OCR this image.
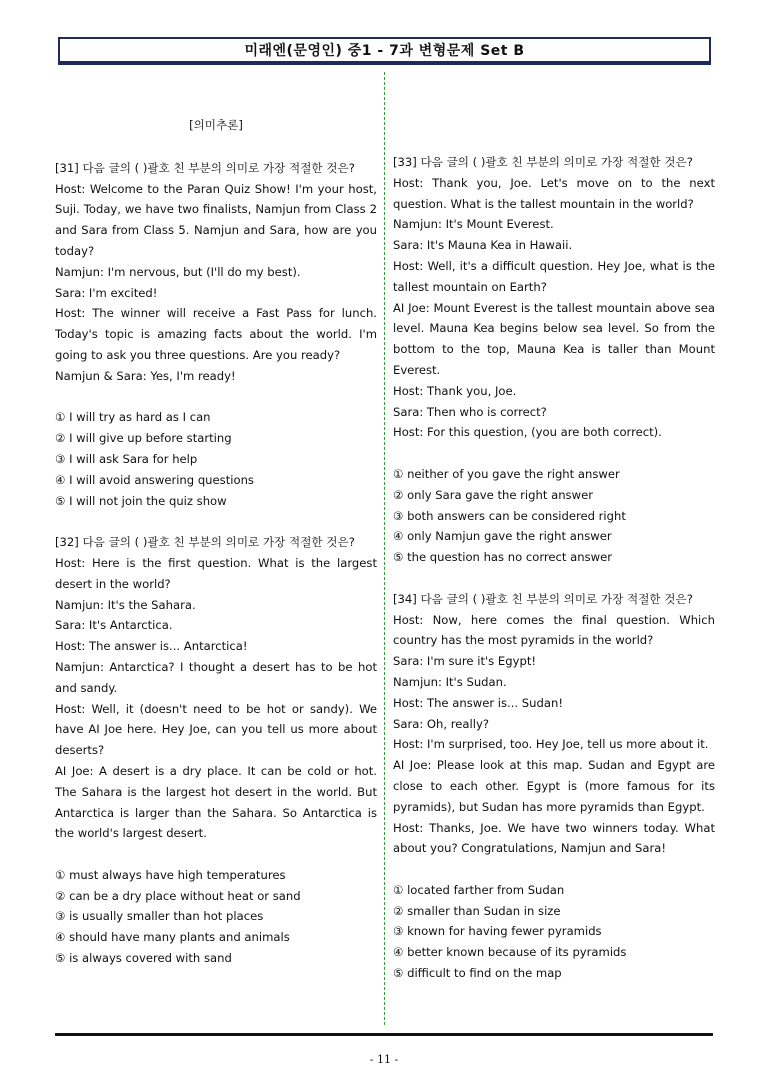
미래엔(문영인) 중1 - 7과 변형문제 Set B
[의미추론]
[31] 다음 글의 ( )괄호 친 부분의 의미로 가장 적절한 것은?
Host: Welcome to the Paran Quiz Show! I'm your host, Suji. Today, we have two finalists, Namjun from Class 2 and Sara from Class 5. Namjun and Sara, how are you today?
Namjun: I'm nervous, but (I'll do my best).
Sara: I'm excited!
Host: The winner will receive a Fast Pass for lunch. Today's topic is amazing facts about the world. I'm going to ask you three questions. Are you ready?
Namjun & Sara: Yes, I'm ready!
① I will try as hard as I can
② I will give up before starting
③ I will ask Sara for help
④ I will avoid answering questions
⑤ I will not join the quiz show
[32] 다음 글의 ( )괄호 친 부분의 의미로 가장 적절한 것은?
Host: Here is the first question. What is the largest desert in the world?
Namjun: It's the Sahara.
Sara: It's Antarctica.
Host: The answer is... Antarctica!
Namjun: Antarctica? I thought a desert has to be hot and sandy.
Host: Well, it (doesn't need to be hot or sandy). We have AI Joe here. Hey Joe, can you tell us more about deserts?
AI Joe: A desert is a dry place. It can be cold or hot. The Sahara is the largest hot desert in the world. But Antarctica is larger than the Sahara. So Antarctica is the world's largest desert.
① must always have high temperatures
② can be a dry place without heat or sand
③ is usually smaller than hot places
④ should have many plants and animals
⑤ is always covered with sand
[33] 다음 글의 ( )괄호 친 부분의 의미로 가장 적절한 것은?
Host: Thank you, Joe. Let's move on to the next question. What is the tallest mountain in the world?
Namjun: It's Mount Everest.
Sara: It's Mauna Kea in Hawaii.
Host: Well, it's a difficult question. Hey Joe, what is the tallest mountain on Earth?
AI Joe: Mount Everest is the tallest mountain above sea level. Mauna Kea begins below sea level. So from the bottom to the top, Mauna Kea is taller than Mount Everest.
Host: Thank you, Joe.
Sara: Then who is correct?
Host: For this question, (you are both correct).
① neither of you gave the right answer
② only Sara gave the right answer
③ both answers can be considered right
④ only Namjun gave the right answer
⑤ the question has no correct answer
[34] 다음 글의 ( )괄호 친 부분의 의미로 가장 적절한 것은?
Host: Now, here comes the final question. Which country has the most pyramids in the world?
Sara: I'm sure it's Egypt!
Namjun: It's Sudan.
Host: The answer is... Sudan!
Sara: Oh, really?
Host: I'm surprised, too. Hey Joe, tell us more about it.
AI Joe: Please look at this map. Sudan and Egypt are close to each other. Egypt is (more famous for its pyramids), but Sudan has more pyramids than Egypt.
Host: Thanks, Joe. We have two winners today. What about you? Congratulations, Namjun and Sara!
① located farther from Sudan
② smaller than Sudan in size
③ known for having fewer pyramids
④ better known because of its pyramids
⑤ difficult to find on the map
- 11 -
